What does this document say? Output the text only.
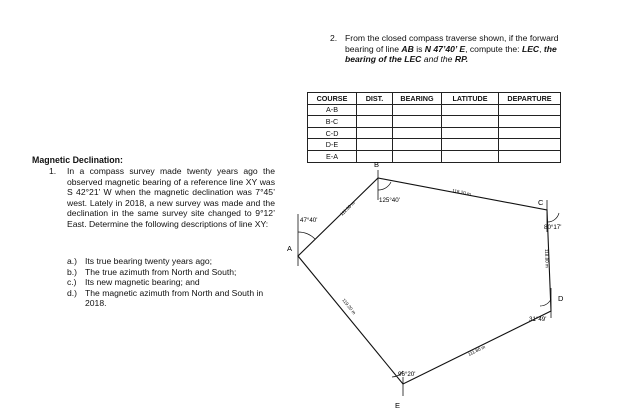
2. From the closed compass traverse shown, if the forward bearing of line AB is N 47’40’ E, compute the: LEC, the bearing of the LEC and the RP.
COURSE	DIST.	BEARING	LATITUDE	DEPARTURE
A-B				
B-C				
C-D				
D-E				
E-A				
Magnetic Declination:
1. In a compass survey made twenty years ago the observed magnetic bearing of a reference line XY was S 42°21’ W when the magnetic declination was 7°45’ west. Lately in 2018, a new survey was made and the declination in the same survey site changed to 9°12’ East. Determine the following descriptions of line XY:
a.) Its true bearing twenty years ago;
b.) The true azimuth from North and South;
c.) Its new magnetic bearing; and
d.) The magnetic azimuth from North and South in 2018.
A
B
C
D
E
47°40'
125°40'
80°17'
31°49'
96°20'
111.30 m
118.20 m
118.80 m
111.80 m
119.20 m
